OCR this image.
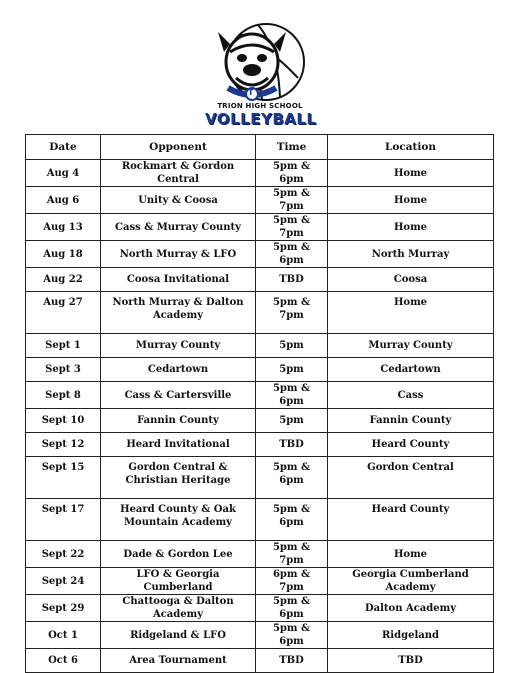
T
TRION HIGH SCHOOL
VOLLEYBALL
Date	Opponent	Time	Location
Aug 4	Rockmart & Gordon Central	5pm & 6pm	Home
Aug 6	Unity & Coosa	5pm & 7pm	Home
Aug 13	Cass & Murray County	5pm & 7pm	Home
Aug 18	North Murray & LFO	5pm & 6pm	North Murray
Aug 22	Coosa Invitational	TBD	Coosa
Aug 27	North Murray & Dalton Academy	5pm & 7pm	Home
Sept 1	Murray County	5pm	Murray County
Sept 3	Cedartown	5pm	Cedartown
Sept 8	Cass & Cartersville	5pm & 6pm	Cass
Sept 10	Fannin County	5pm	Fannin County
Sept 12	Heard Invitational	TBD	Heard County
Sept 15	Gordon Central & Christian Heritage	5pm & 6pm	Gordon Central
Sept 17	Heard County & Oak Mountain Academy	5pm & 6pm	Heard County
Sept 22	Dade & Gordon Lee	5pm & 7pm	Home
Sept 24	LFO & Georgia Cumberland	6pm & 7pm	Georgia Cumberland Academy
Sept 29	Chattooga & Dalton Academy	5pm & 6pm	Dalton Academy
Oct 1	Ridgeland & LFO	5pm & 6pm	Ridgeland
Oct 6	Area Tournament	TBD	TBD
